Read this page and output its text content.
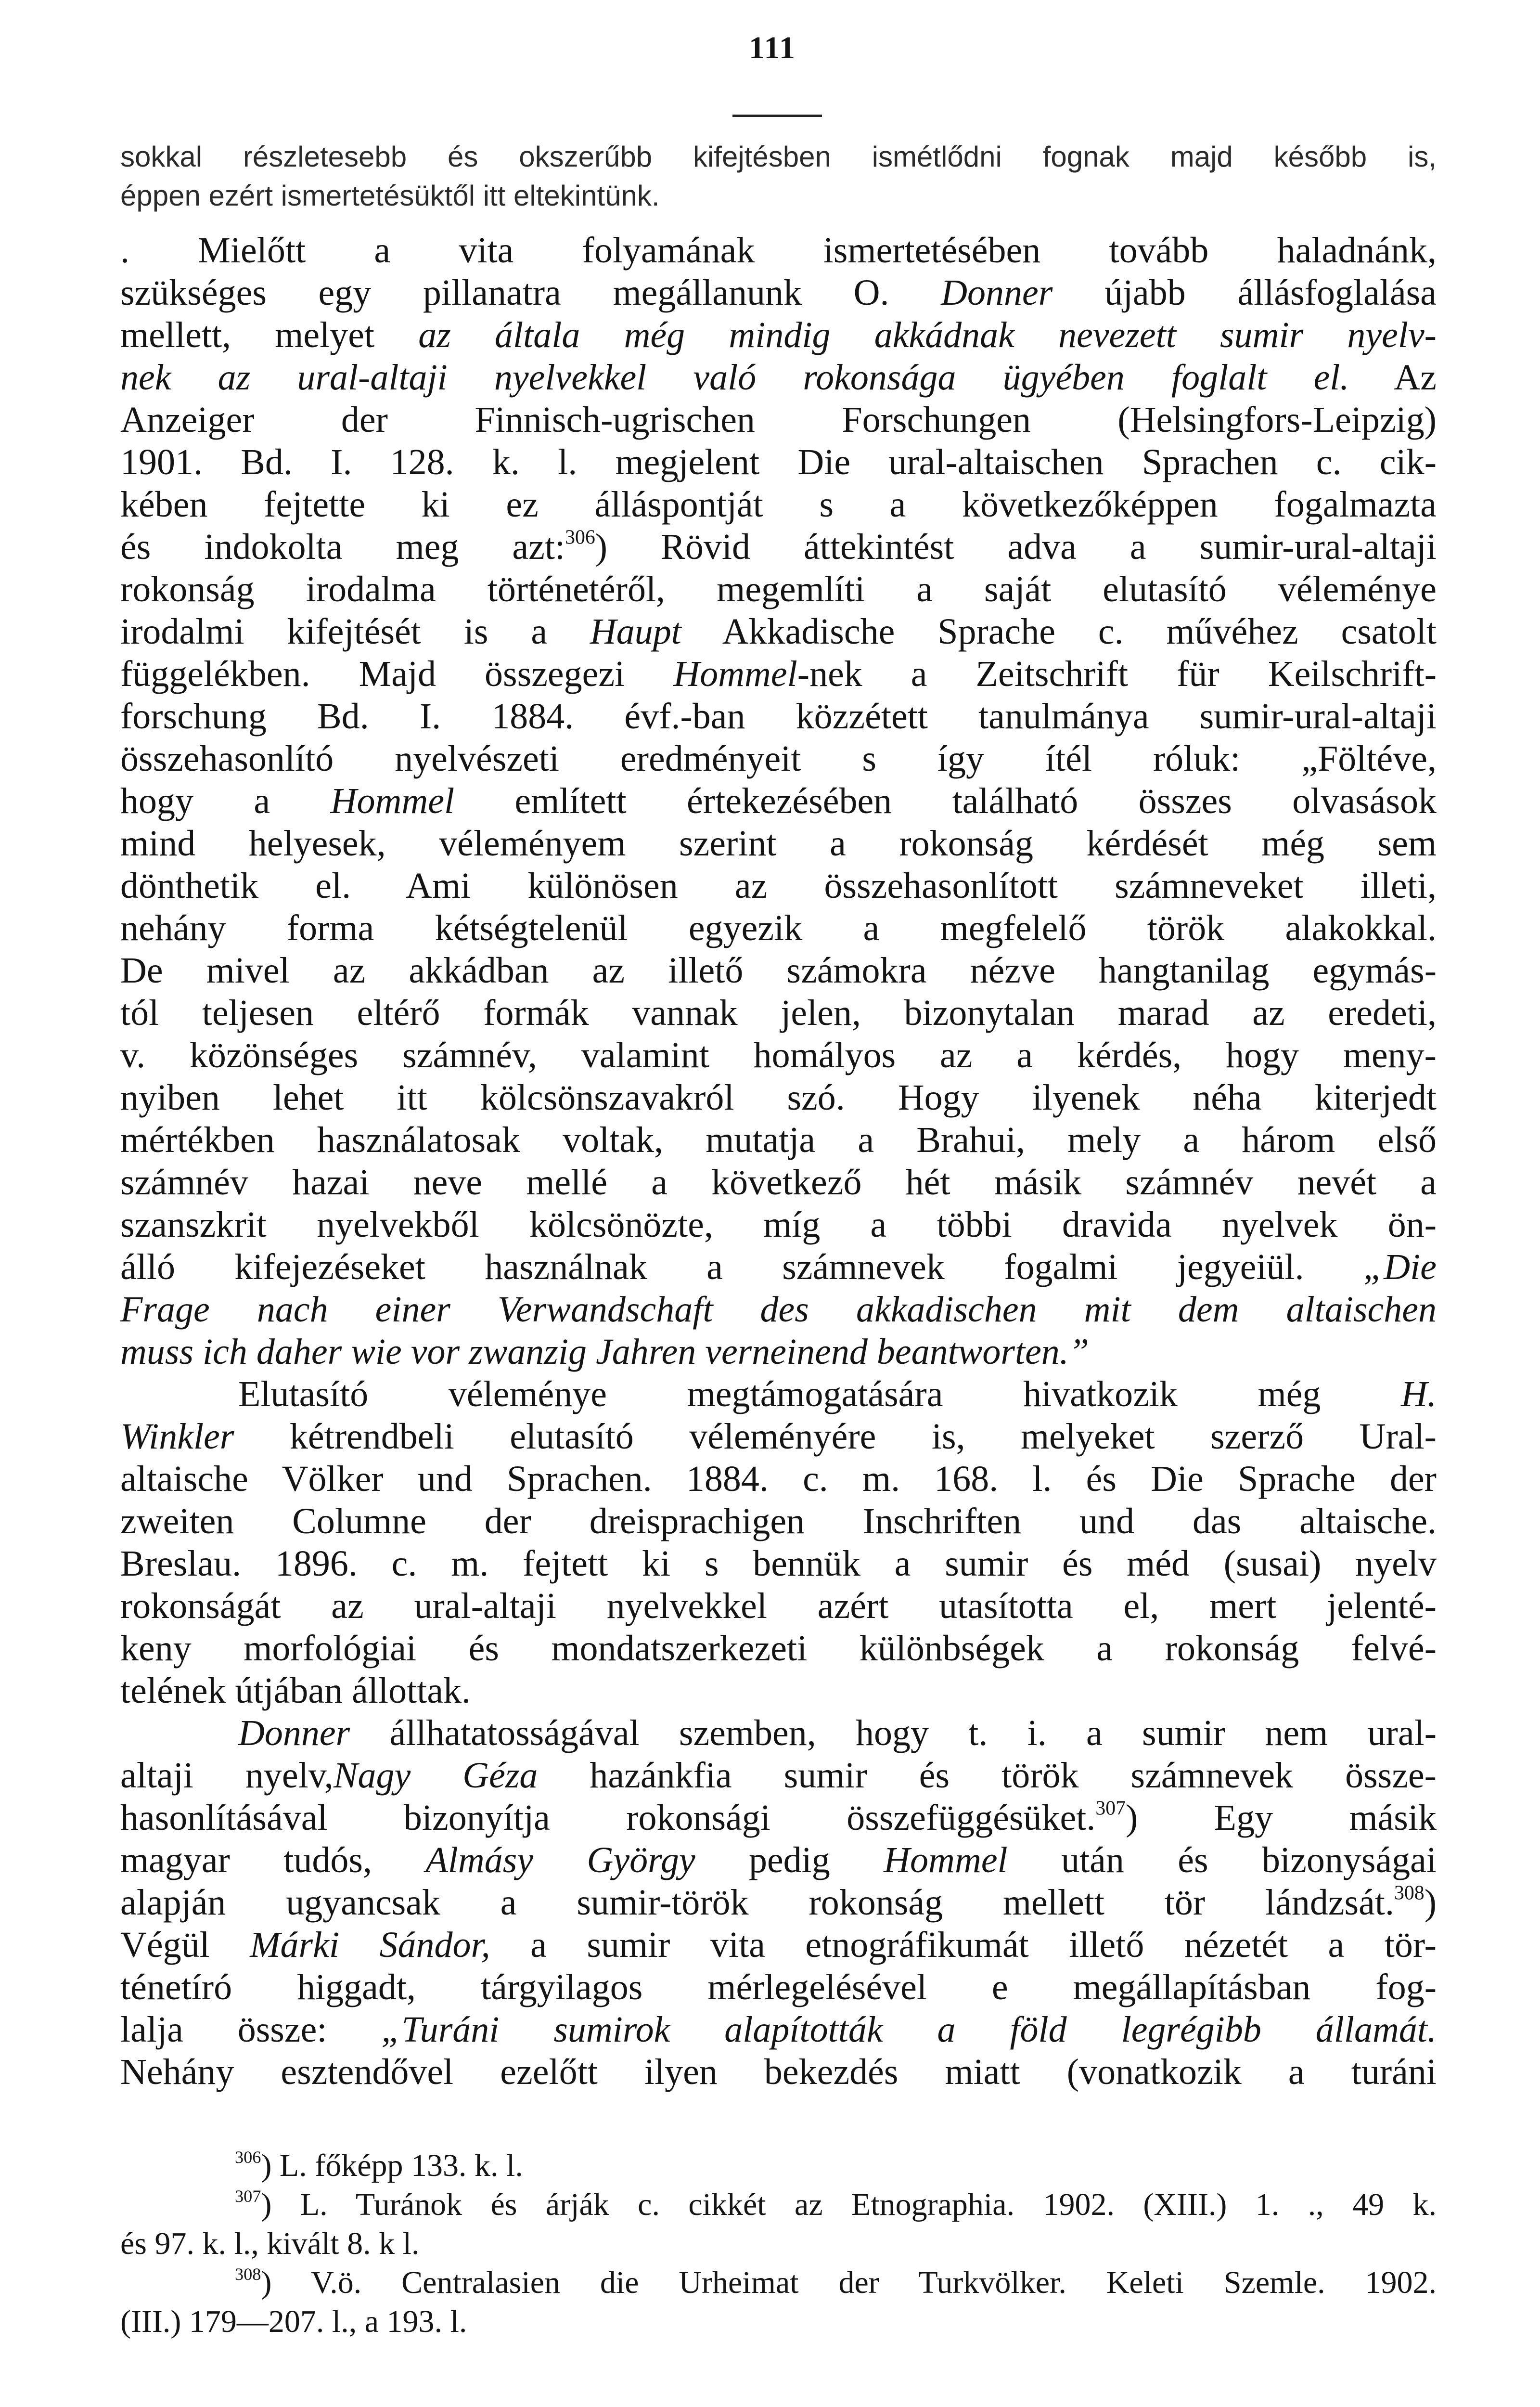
111
sokkal részletesebb és okszerűbb kifejtésben ismétlődni fognak majd később is,
éppen ezért ismertetésüktől itt eltekintünk.
. Mielőtt a vita folyamának ismertetésében tovább haladnánk,
szükséges egy pillanatra megállanunk O. Donner újabb állásfoglalása
mellett, melyet az általa még mindig akkádnak nevezett sumir nyelv-
nek az ural-altaji nyelvekkel való rokonsága ügyében foglalt el. Az
Anzeiger der Finnisch-ugrischen Forschungen (Helsingfors-Leipzig)
1901. Bd. I. 128. k. l. megjelent Die ural-altaischen Sprachen c. cik-
kében fejtette ki ez álláspontját s a következőképpen fogalmazta
és indokolta meg azt:$^{306}$) Rövid áttekintést adva a sumir-ural-altaji
rokonság irodalma történetéről, megemlíti a saját elutasító véleménye
irodalmi kifejtését is a Haupt Akkadische Sprache c. művéhez csatolt
függelékben. Majd összegezi Hommel-nek a Zeitschrift für Keilschrift-
forschung Bd. I. 1884. évf.-ban közzétett tanulmánya sumir-ural-altaji
összehasonlító nyelvészeti eredményeit s így ítél róluk: „Föltéve,
hogy a Hommel említett értekezésében található összes olvasások
mind helyesek, véleményem szerint a rokonság kérdését még sem
dönthetik el. Ami különösen az összehasonlított számneveket illeti,
nehány forma kétségtelenül egyezik a megfelelő török alakokkal.
De mivel az akkádban az illető számokra nézve hangtanilag egymás-
tól teljesen eltérő formák vannak jelen, bizonytalan marad az eredeti,
v. közönséges számnév, valamint homályos az a kérdés, hogy meny-
nyiben lehet itt kölcsönszavakról szó. Hogy ilyenek néha kiterjedt
mértékben használatosak voltak, mutatja a Brahui, mely a három első
számnév hazai neve mellé a következő hét másik számnév nevét a
szanszkrit nyelvekből kölcsönözte, míg a többi dravida nyelvek ön-
álló kifejezéseket használnak a számnevek fogalmi jegyeiül. „Die
Frage nach einer Verwandschaft des akkadischen mit dem altaischen
muss ich daher wie vor zwanzig Jahren verneinend beantworten.”
Elutasító véleménye megtámogatására hivatkozik még H.
Winkler kétrendbeli elutasító véleményére is, melyeket szerző Ural-
altaische Völker und Sprachen. 1884. c. m. 168. l. és Die Sprache der
zweiten Columne der dreisprachigen Inschriften und das altaische.
Breslau. 1896. c. m. fejtett ki s bennük a sumir és méd (susai) nyelv
rokonságát az ural-altaji nyelvekkel azért utasította el, mert jelenté-
keny morfológiai és mondatszerkezeti különbségek a rokonság felvé-
telének útjában állottak.
Donner állhatatosságával szemben, hogy t. i. a sumir nem ural-
altaji nyelv,Nagy Géza hazánkfia sumir és török számnevek össze-
hasonlításával bizonyítja rokonsági összefüggésüket.$^{307}$) Egy másik
magyar tudós, Almásy György pedig Hommel után és bizonyságai
alapján ugyancsak a sumir-török rokonság mellett tör lándzsát.$^{308}$)
Végül Márki Sándor, a sumir vita etnográfikumát illető nézetét a tör-
ténetíró higgadt, tárgyilagos mérlegelésével e megállapításban fog-
lalja össze: „Turáni sumirok alapították a föld legrégibb államát.
Nehány esztendővel ezelőtt ilyen bekezdés miatt (vonatkozik a turáni
$^{306}$) L. főképp 133. k. l.
$^{307}$) L. Turánok és árják c. cikkét az Etnographia. 1902. (XIII.) 1. ., 49 k.
és 97. k. l., kivált 8. k l.
$^{308}$) V.ö. Centralasien die Urheimat der Turkvölker. Keleti Szemle. 1902.
(III.) 179—207. l., a 193. l.
